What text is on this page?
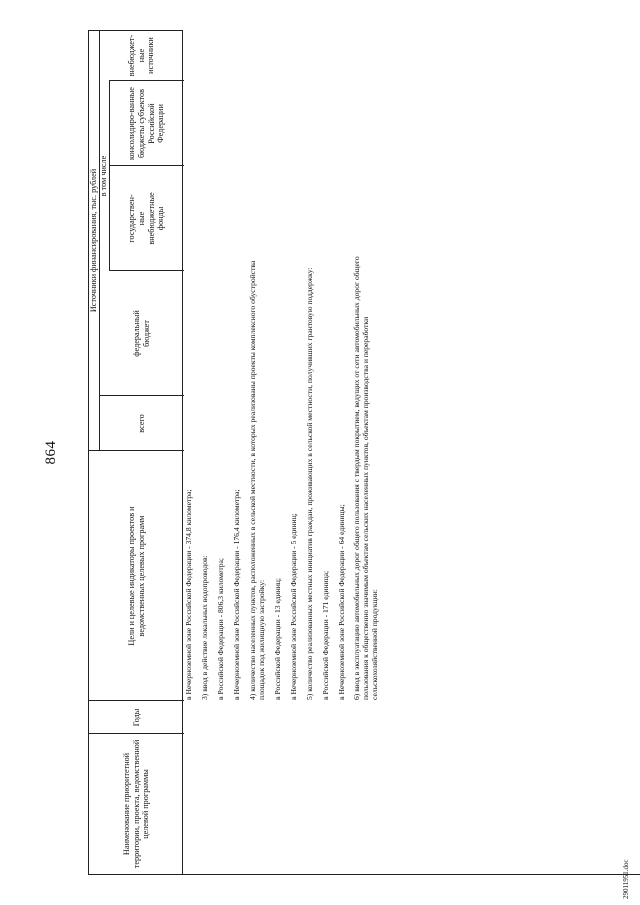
864
Наименование приоритетной территории, проекта, ведомственной целевой программы
Годы
Цели и целевые индикаторы проектов и ведомственных целевых программ
Источники финансирования, тыс. рублей
всего
в том числе
федеральный бюджет
государствен-ные внебюджетные фонды
консолидиро-ванные бюджеты субъектов Российской Федерации
внебюджет-ные источники

в Нечерноземной зоне Российской Федерации - 374,8 километра; 3) ввод в действие локальных водопроводов: в Российской Федерации - 806,3 километра; в Нечерноземной зоне Российской Федерации - 176,4 километра; 4) количество населенных пунктов, расположенных в сельской местности, в которых реализованы проекты комплексного обустройства площадок под жилищную застройку: в Российской Федерации - 13 единиц; в Нечерноземной зоне Российской Федерации - 5 единиц; 5) количество реализованных местных инициатив граждан, проживающих в сельской местности, получивших грантовую поддержку: в Российской Федерации - 171 единица; в Нечерноземной зоне Российской Федерации - 64 единицы; 6) ввод в эксплуатацию автомобильных дорог общего пользования с твердым покрытием, ведущих от сети автомобильных дорог общего пользования к общественно значимым объектам сельских населенных пунктов, объектам производства и переработки сельскохозяйственной продукции:

29011951.doc
